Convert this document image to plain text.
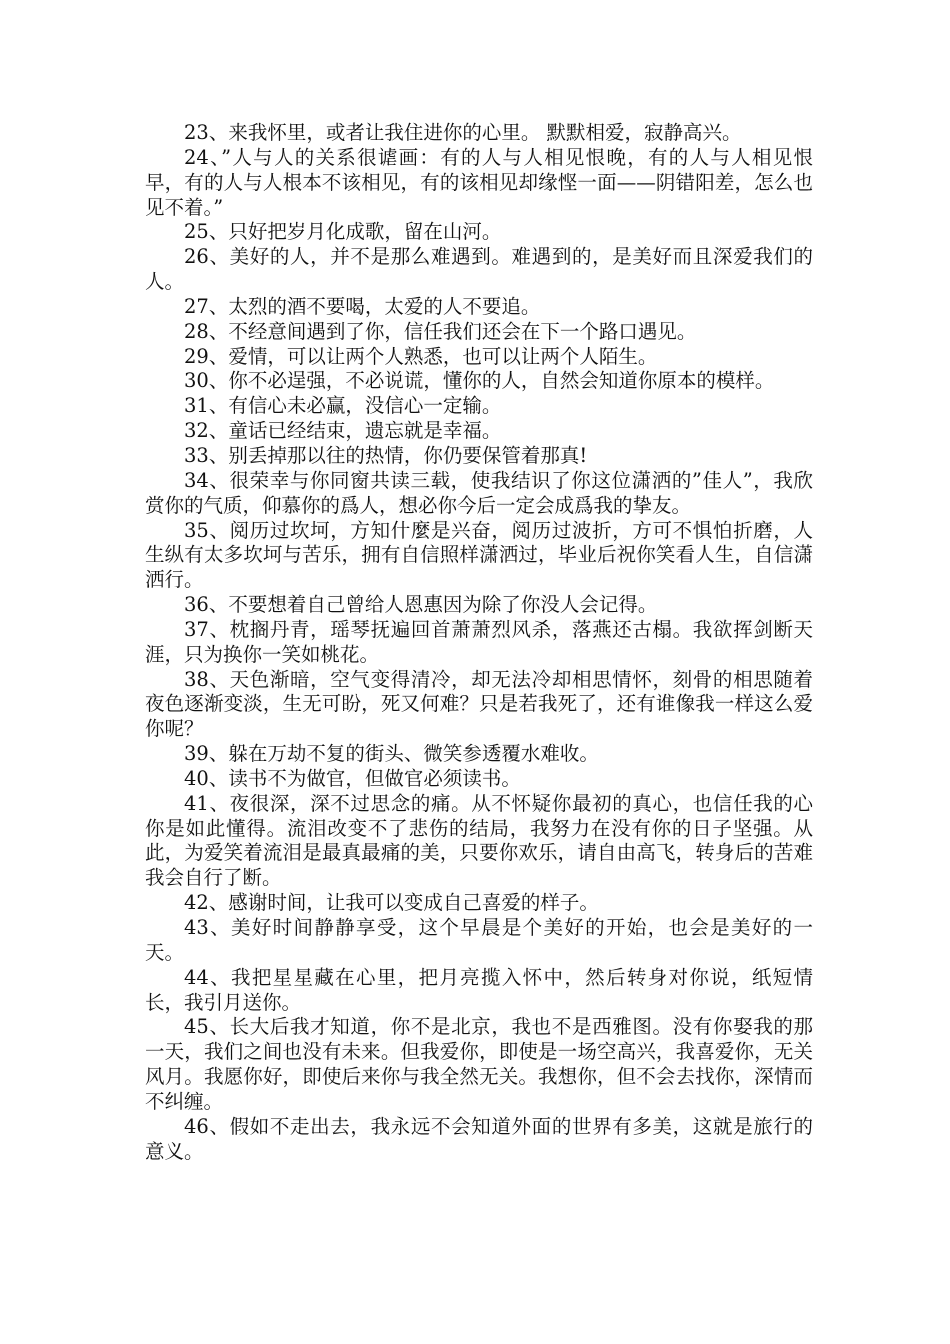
23、来我怀里，或者让我住进你的心里。 默默相爱，寂静高兴。

24、”人与人的关系很谑画：有的人与人相见恨晚，有的人与人相见恨早，有的人与人根本不该相见，有的该相见却缘悭一面——阴错阳差，怎么也见不着。”

25、只好把岁月化成歌，留在山河。

26、美好的人，并不是那么难遇到。难遇到的，是美好而且深爱我们的人。

27、太烈的酒不要喝，太爱的人不要追。

28、不经意间遇到了你，信任我们还会在下一个路口遇见。

29、爱情，可以让两个人熟悉，也可以让两个人陌生。

30、你不必逞强，不必说谎，懂你的人，自然会知道你原本的模样。

31、有信心未必赢，没信心一定输。

32、童话已经结束，遗忘就是幸福。

33、别丢掉那以往的热情，你仍要保管着那真!

34、很荣幸与你同窗共读三载，使我结识了你这位潇洒的”佳人”，我欣赏你的气质，仰慕你的爲人，想必你今后一定会成爲我的挚友。

35、阅历过坎坷，方知什麼是兴奋，阅历过波折，方可不惧怕折磨，人生纵有太多坎坷与苦乐，拥有自信照样潇洒过，毕业后祝你笑看人生，自信潇洒行。

36、不要想着自己曾给人恩惠因为除了你没人会记得。

37、枕搁丹青，瑶琴抚遍回首萧萧烈风杀，落燕还古榻。我欲挥剑断天涯，只为换你一笑如桃花。

38、天色渐暗，空气变得清冷，却无法冷却相思情怀，刻骨的相思随着夜色逐渐变淡，生无可盼，死又何难？只是若我死了，还有谁像我一样这么爱你呢？

39、躲在万劫不复的街头、微笑参透覆水难收。

40、读书不为做官，但做官必须读书。

41、夜很深，深不过思念的痛。从不怀疑你最初的真心，也信任我的心你是如此懂得。流泪改变不了悲伤的结局，我努力在没有你的日子坚强。从此，为爱笑着流泪是最真最痛的美，只要你欢乐，请自由高飞，转身后的苦难我会自行了断。

42、感谢时间，让我可以变成自己喜爱的样子。

43、美好时间静静享受，这个早晨是个美好的开始，也会是美好的一天。

44、我把星星藏在心里，把月亮揽入怀中，然后转身对你说，纸短情长，我引月送你。

45、长大后我才知道，你不是北京，我也不是西雅图。没有你娶我的那一天，我们之间也没有未来。但我爱你，即使是一场空高兴，我喜爱你，无关风月。我愿你好，即使后来你与我全然无关。我想你，但不会去找你，深情而不纠缠。

46、假如不走出去，我永远不会知道外面的世界有多美，这就是旅行的意义。
